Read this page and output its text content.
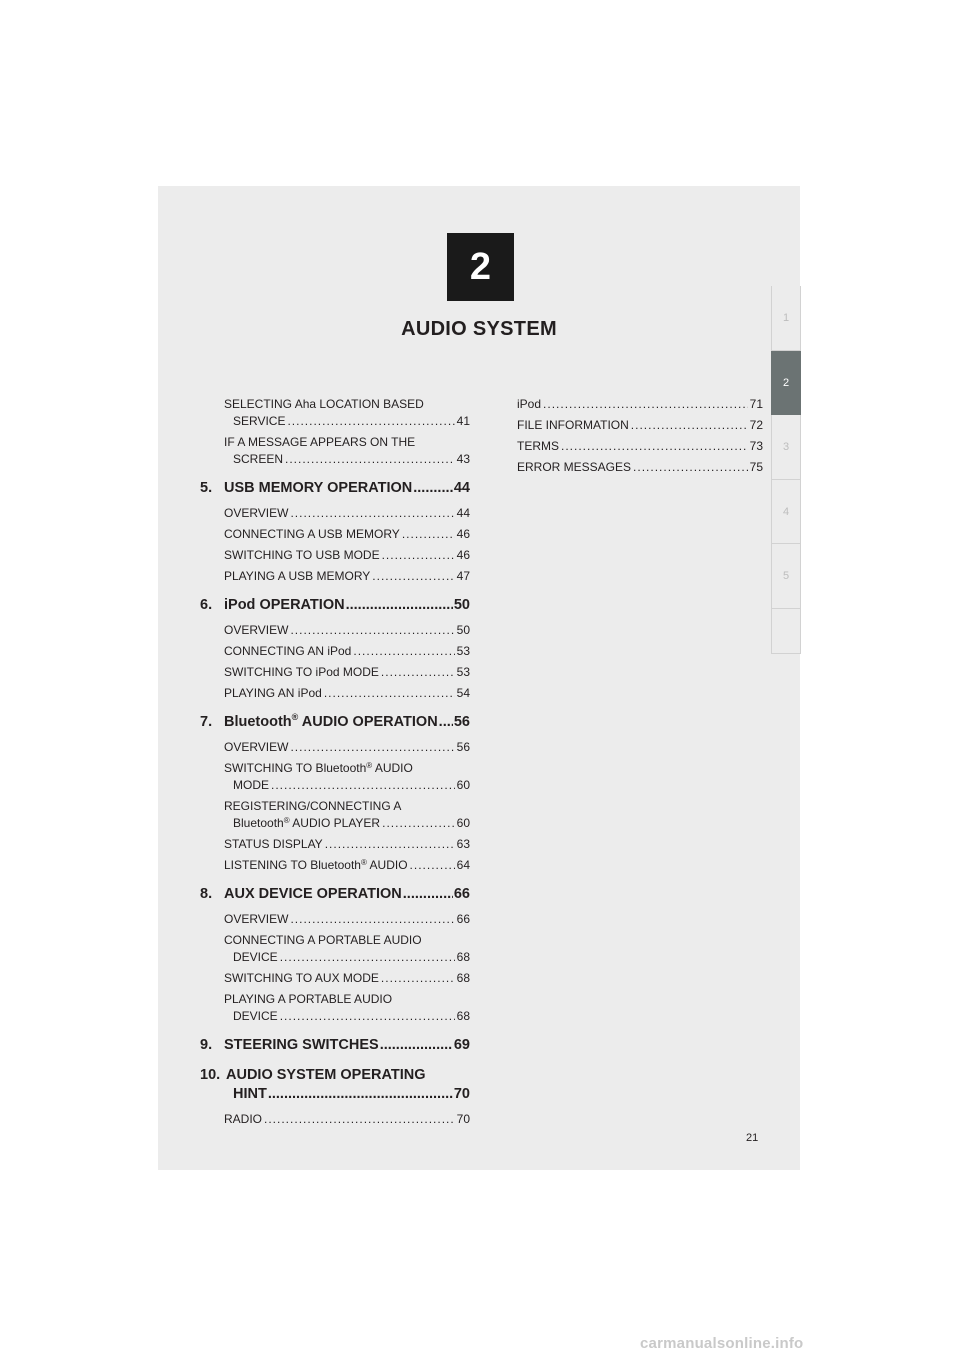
2
AUDIO SYSTEM	1
2
3
4
5
SELECTING Aha LOCATION BASED
SERVICE .....	41
IF A MESSAGE APPEARS ON THE
SCREEN .....	43
5. USB MEMORY OPERATION .....	44
OVERVIEW .....	44
CONNECTING A USB MEMORY .....	46
SWITCHING TO USB MODE .....	46
PLAYING A USB MEMORY .....	47
6. iPod OPERATION .....	50
OVERVIEW .....	50
CONNECTING AN iPod .....	53
SWITCHING TO iPod MODE .....	53
PLAYING AN iPod .....	54
7. Bluetooth® AUDIO OPERATION ..... 56
OVERVIEW .....	56
SWITCHING TO Bluetooth® AUDIO
MODE .....	60
REGISTERING/CONNECTING A
Bluetooth® AUDIO PLAYER .....	60
STATUS DISPLAY .....	63
LISTENING TO Bluetooth® AUDIO .....	64
8. AUX DEVICE OPERATION .....	66
OVERVIEW .....	66
CONNECTING A PORTABLE AUDIO
DEVICE .....	68
SWITCHING TO AUX MODE .....	68
PLAYING A PORTABLE AUDIO
DEVICE .....	68
9. STEERING SWITCHES .....	69
10. AUDIO SYSTEM OPERATING
HINT .....	70
RADIO .....	70
iPod .....	71
FILE INFORMATION .....	72
TERMS .....	73
ERROR MESSAGES .....	75
21
carmanualsonline.info
